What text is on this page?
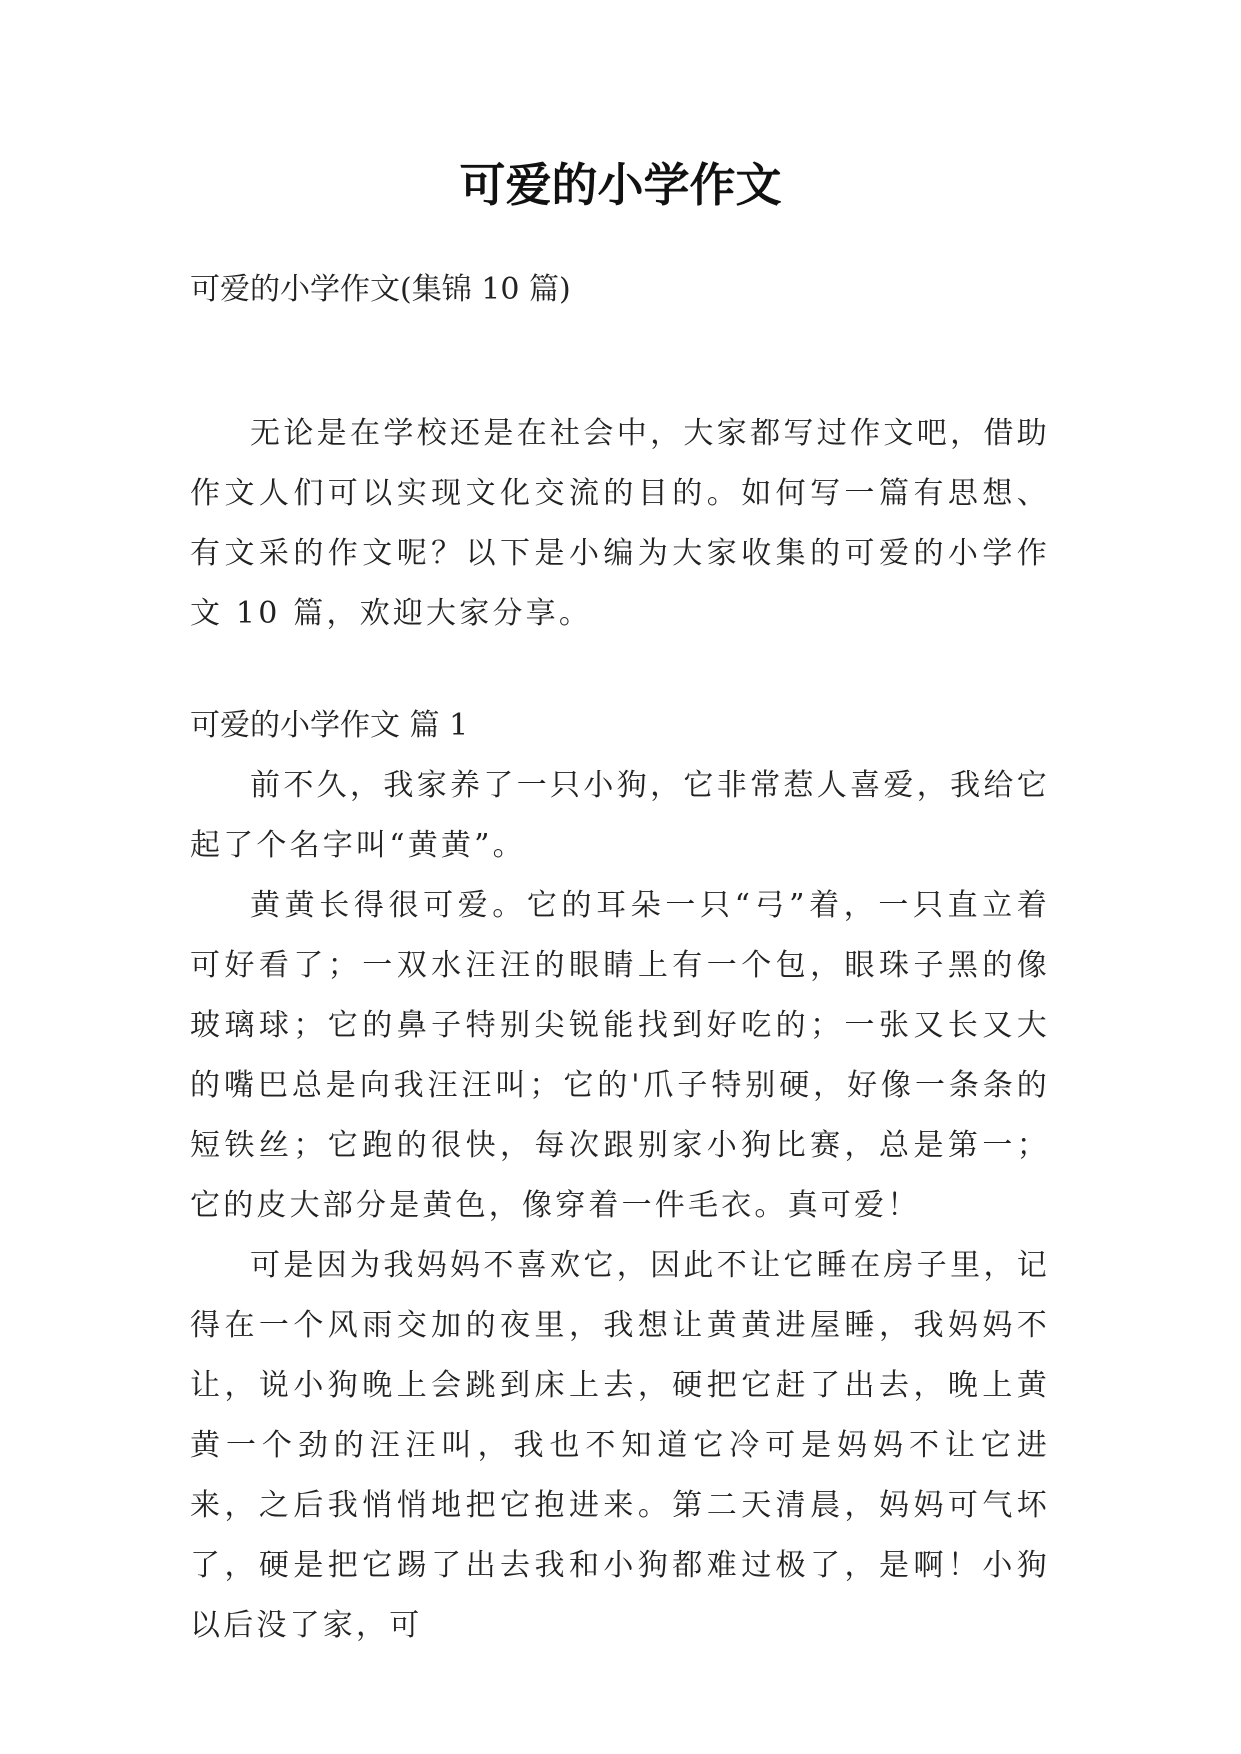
可爱的小学作文

可爱的小学作文(集锦 10 篇)

无论是在学校还是在社会中，大家都写过作文吧，借助作文人们可以实现文化交流的目的。如何写一篇有思想、有文采的作文呢？以下是小编为大家收集的可爱的小学作文 10 篇，欢迎大家分享。

可爱的小学作文 篇 1

前不久，我家养了一只小狗，它非常惹人喜爱，我给它起了个名字叫“黄黄”。

黄黄长得很可爱。它的耳朵一只“弓”着，一只直立着可好看了；一双水汪汪的眼睛上有一个包，眼珠子黑的像玻璃球；它的鼻子特别尖锐能找到好吃的；一张又长又大的嘴巴总是向我汪汪叫；它的'爪子特别硬，好像一条条的短铁丝；它跑的很快，每次跟别家小狗比赛，总是第一；它的皮大部分是黄色，像穿着一件毛衣。真可爱！

可是因为我妈妈不喜欢它，因此不让它睡在房子里，记得在一个风雨交加的夜里，我想让黄黄进屋睡，我妈妈不让，说小狗晚上会跳到床上去，硬把它赶了出去，晚上黄黄一个劲的汪汪叫，我也不知道它冷可是妈妈不让它进来，之后我悄悄地把它抱进来。第二天清晨，妈妈可气坏了，硬是把它踢了出去我和小狗都难过极了，是啊！小狗以后没了家，可
